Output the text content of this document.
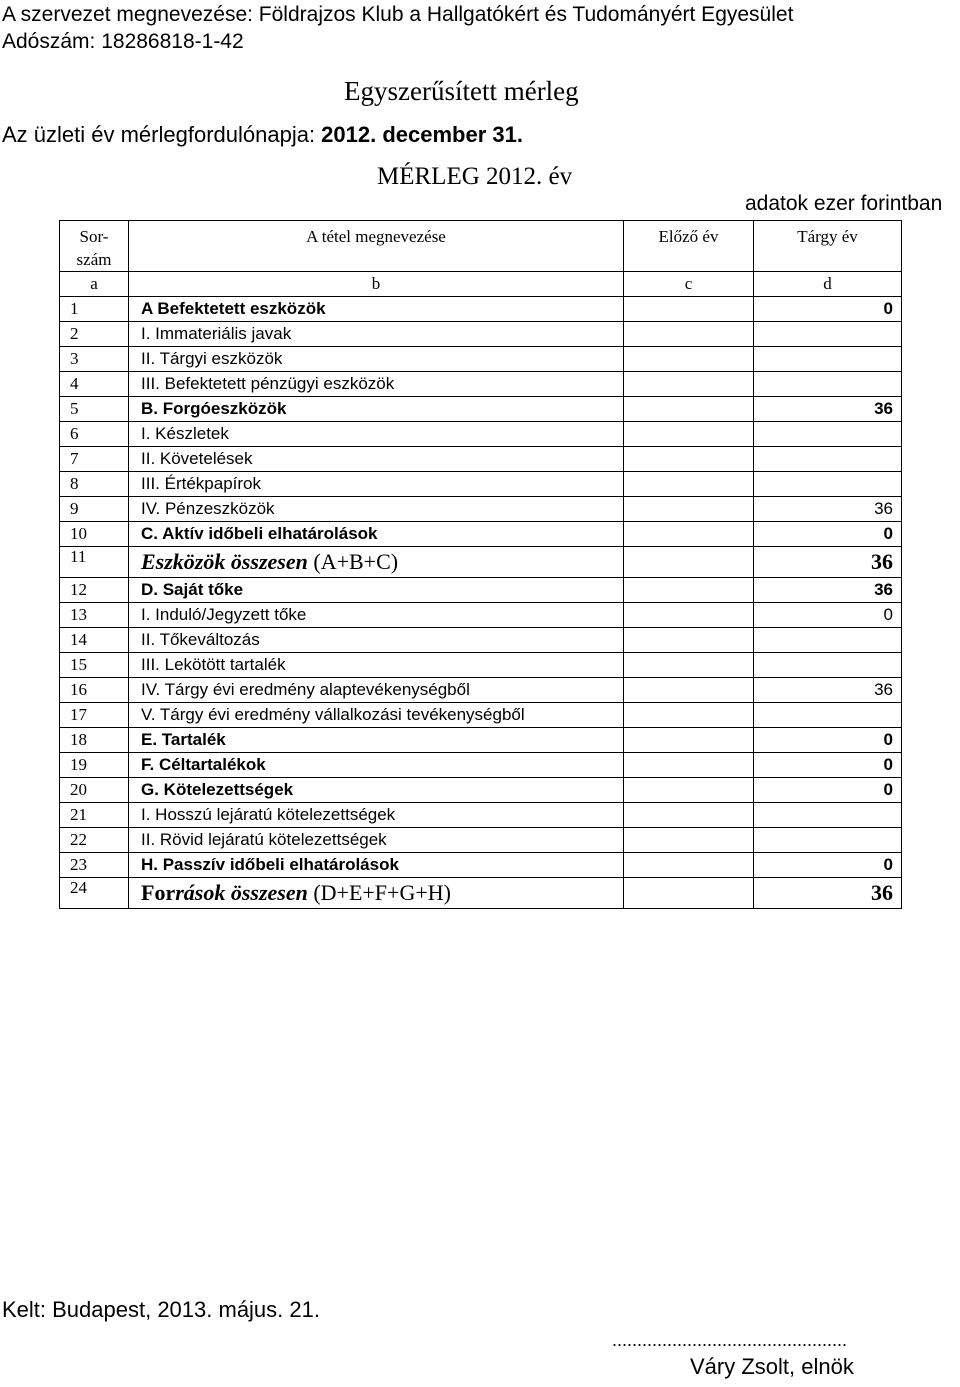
A szervezet megnevezése: Földrajzos Klub a Hallgatókért és Tudományért Egyesület
Adószám: 18286818-1-42
Egyszerűsített mérleg
Az üzleti év mérlegfordulónapja: 2012. december 31.
MÉRLEG 2012. év
adatok ezer forintban
Sor-
szám	A tétel megnevezése	Előző év	Tárgy év
a	b	c	d
1	A Befektetett eszközök		0
2	I. Immateriális javak		
3	II. Tárgyi eszközök		
4	III. Befektetett pénzügyi eszközök		
5	B. Forgóeszközök		36
6	I. Készletek		
7	II. Követelések		
8	III. Értékpapírok		
9	IV. Pénzeszközök		36
10	C. Aktív időbeli elhatárolások		0
11	Eszközök összesen (A+B+C)		36
12	D. Saját tőke		36
13	I. Induló/Jegyzett tőke		0
14	II. Tőkeváltozás		
15	III. Lekötött tartalék		
16	IV. Tárgy évi eredmény alaptevékenységből		36
17	V. Tárgy évi eredmény vállalkozási tevékenységből		
18	E. Tartalék		0
19	F. Céltartalékok		0
20	G. Kötelezettségek		0
21	I. Hosszú lejáratú kötelezettségek		
22	II. Rövid lejáratú kötelezettségek		
23	H. Passzív időbeli elhatárolások		0
24	Források összesen (D+E+F+G+H)		36
Kelt: Budapest, 2013. május. 21.
...............................................
Váry Zsolt, elnök
